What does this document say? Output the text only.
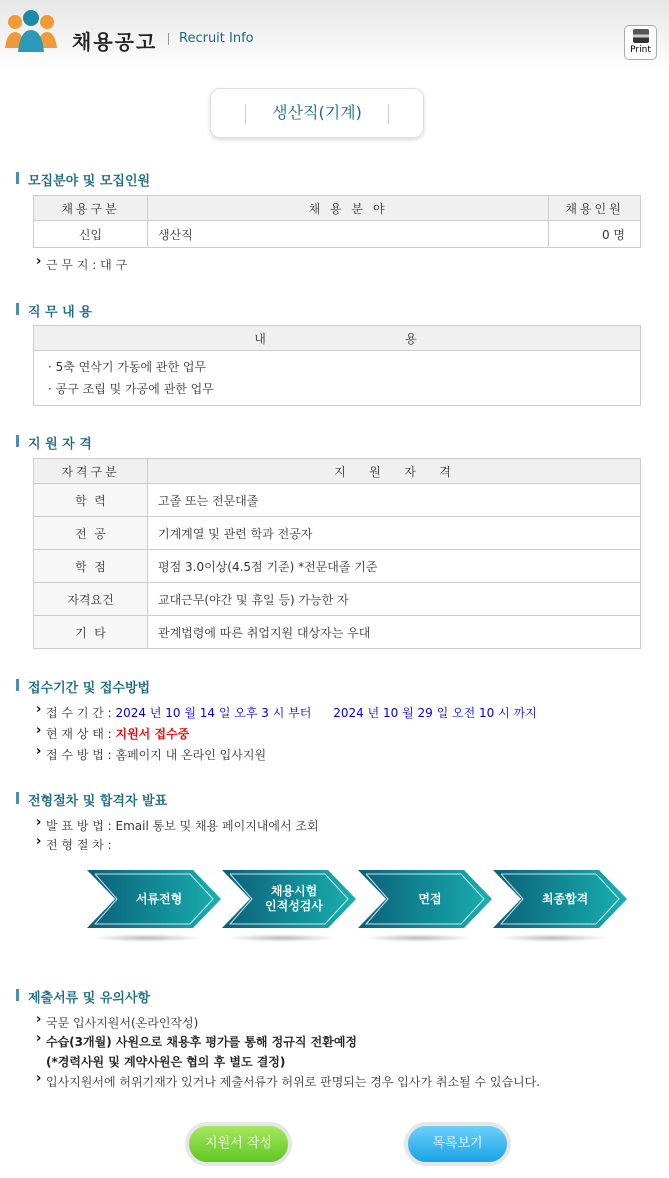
채용공고 Recruit Info
Print
생산직(기계)
모집분야 및 모집인원
채용구분	채 용 분 야	채용인원
신입	생산직	0 명
› 근 무 지 : 대 구
직 무 내 용
내                    용

· 5축 연삭기 가동에 관한 업무
· 공구 조립 및 가공에 관한 업무
지 원 자 격
자격구분	지   원   자   격
학  력	고졸 또는 전문대졸
전  공	기계계열 및 관련 학과 전공자
학  점	평점 3.0이상(4.5점 기준) *전문대졸 기준
자격요건	교대근무(야간 및 휴일 등) 가능한 자
기  타	관계법령에 따른 취업지원 대상자는 우대
접수기간 및 접수방법
› 접 수 기 간 : 2024 년 10 월 14 일 오후 3 시 부터 2024 년 10 월 29 일 오전 10 시 까지
› 현 재 상 태 : 지원서 접수중
› 접 수 방 법 : 홈페이지 내 온라인 입사지원
전형절차 및 합격자 발표
› 발 표 방 법 : Email 통보 및 채용 페이지내에서 조회
› 전 형 절 차 :
서류전형
채용시험
인적성검사
면접	최종합격
제출서류 및 유의사항
› 국문 입사지원서(온라인작성)
› 수습(3개월) 사원으로 채용후 평가를 통해 정규직 전환예정
(*경력사원 및 계약사원은 협의 후 별도 결정)
› 입사지원서에 허위기재가 있거나 제출서류가 허위로 판명되는 경우 입사가 취소될 수 있습니다.
지원서 작성	목록보기
